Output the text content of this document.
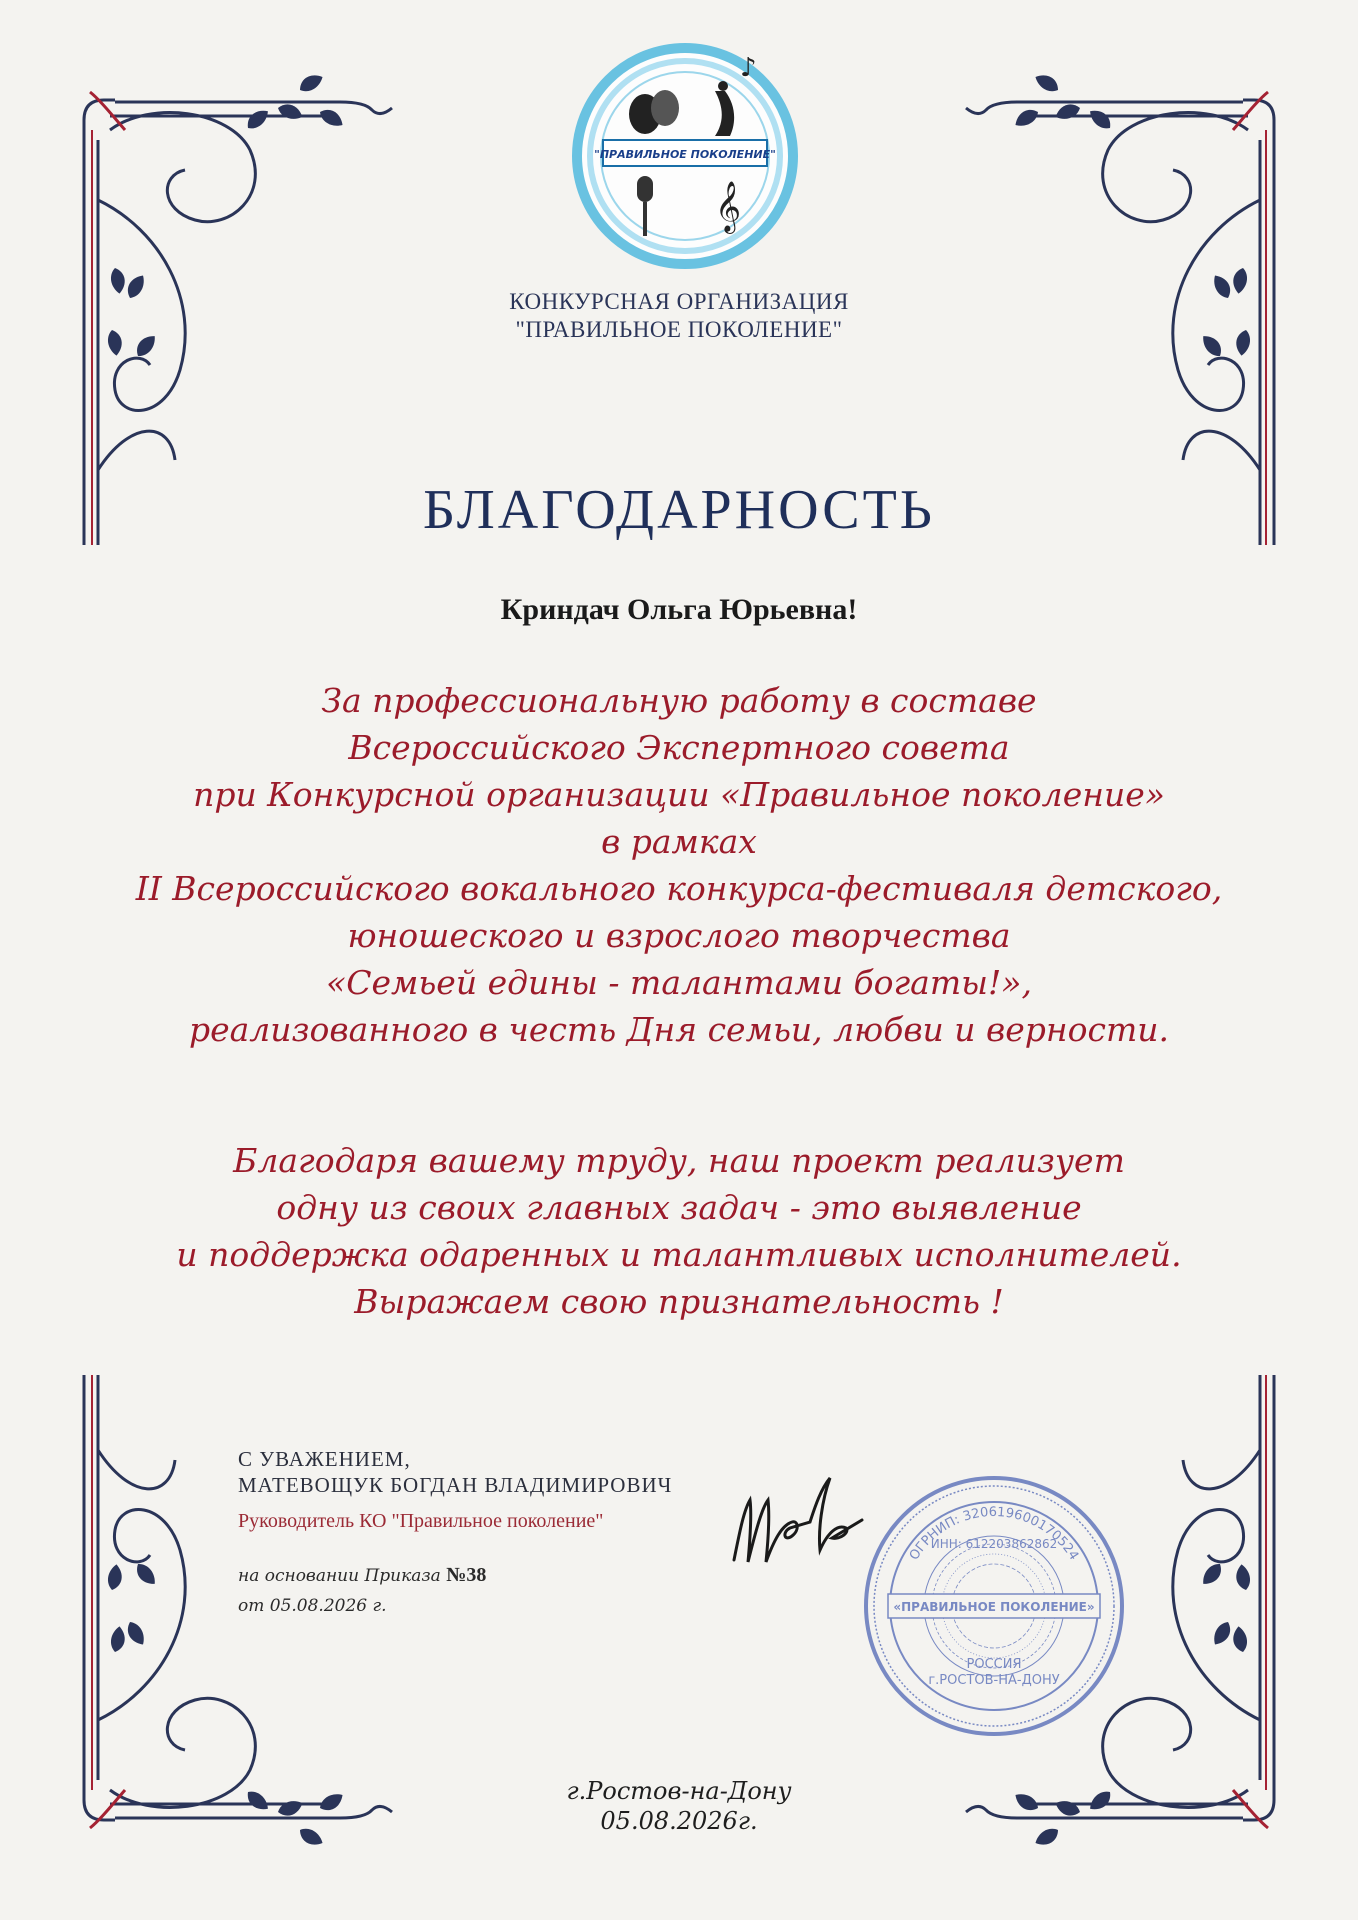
𝄞
♪
"ПРАВИЛЬНОЕ ПОКОЛЕНИЕ"
КОНКУРСНАЯ ОРГАНИЗАЦИЯ
"ПРАВИЛЬНОЕ ПОКОЛЕНИЕ"
БЛАГОДАРНОСТЬ
Криндач Ольга Юрьевна!
За профессиональную работу в составе
Всероссийского Экспертного совета
при Конкурсной организации «Правильное поколение»
в рамках
II Всероссийского вокального конкурса-фестиваля детского,
юношеского и взрослого творчества
«Семьей едины - талантами богаты!»,
реализованного в честь Дня семьи, любви и верности.
Благодаря вашему труду, наш проект реализует
одну из своих главных задач - это выявление
и поддержка одаренных и талантливых исполнителей.
Выражаем свою признательность !
С УВАЖЕНИЕМ,
МАТЕВОЩУК БОГДАН ВЛАДИМИРОВИЧ
Руководитель КО "Правильное поколение"
на основании Приказа №38
от 05.08.2026 г.
ОГРНИП: 320619600170524
ИНН: 612203862862
«ПРАВИЛЬНОЕ ПОКОЛЕНИЕ»
РОССИЯ
г.РОСТОВ-НА-ДОНУ
г.Ростов-на-Дону
05.08.2026г.
